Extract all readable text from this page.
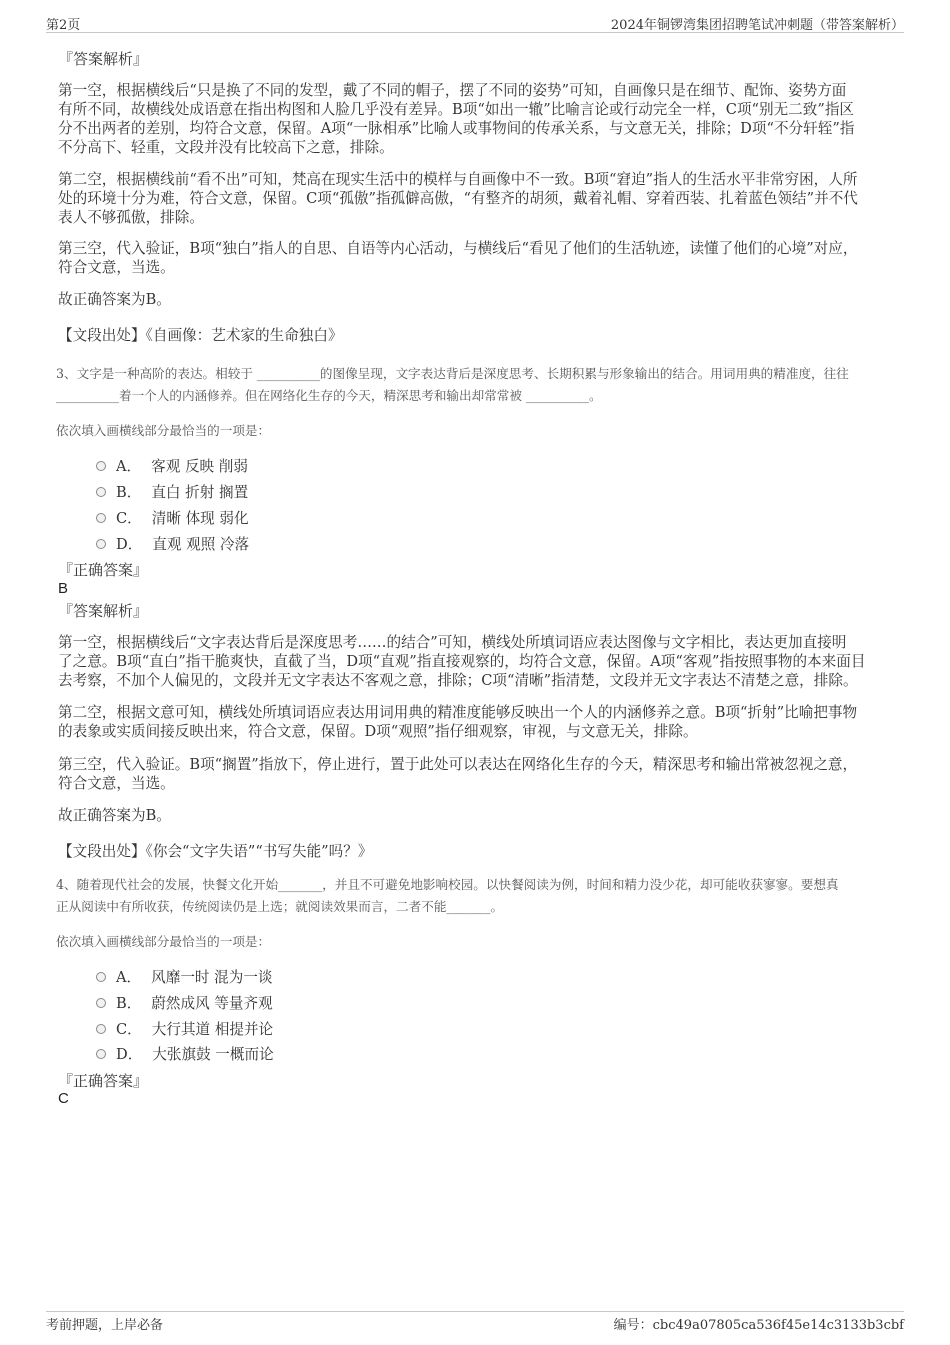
第2页	2024年铜锣湾集团招聘笔试冲刺题（带答案解析）
『答案解析』
第一空，根据横线后“只是换了不同的发型，戴了不同的帽子，摆了不同的姿势”可知，自画像只是在细节、配饰、姿势方面
有所不同，故横线处成语意在指出构图和人脸几乎没有差异。B项“如出一辙”比喻言论或行动完全一样，C项“别无二致”指区
分不出两者的差别，均符合文意，保留。A项“一脉相承”比喻人或事物间的传承关系，与文意无关，排除；D项“不分轩轾”指
不分高下、轻重，文段并没有比较高下之意，排除。
第二空，根据横线前“看不出”可知，梵高在现实生活中的模样与自画像中不一致。B项“窘迫”指人的生活水平非常穷困，人所
处的环境十分为难，符合文意，保留。C项“孤傲”指孤僻高傲，“有整齐的胡须，戴着礼帽、穿着西装、扎着蓝色领结”并不代
表人不够孤傲，排除。
第三空，代入验证，B项“独白”指人的自思、自语等内心活动，与横线后“看见了他们的生活轨迹，读懂了他们的心境”对应，
符合文意，当选。
故正确答案为B。
【文段出处】《自画像：艺术家的生命独白》
3、文字是一种高阶的表达。相较于 __________的图像呈现，文字表达背后是深度思考、长期积累与形象输出的结合。用词用典的精准度，往往
__________着一个人的内涵修养。但在网络化生存的今天，精深思考和输出却常常被 __________。
依次填入画横线部分最恰当的一项是：
A． 客观 反映 削弱
B． 直白 折射 搁置
C． 清晰 体现 弱化
D． 直观 观照 冷落
『正确答案』
B
『答案解析』
第一空，根据横线后“文字表达背后是深度思考……的结合”可知，横线处所填词语应表达图像与文字相比，表达更加直接明
了之意。B项“直白”指干脆爽快，直截了当，D项“直观”指直接观察的，均符合文意，保留。A项“客观”指按照事物的本来面目
去考察，不加个人偏见的，文段并无文字表达不客观之意，排除；C项“清晰”指清楚，文段并无文字表达不清楚之意，排除。
第二空，根据文意可知，横线处所填词语应表达用词用典的精准度能够反映出一个人的内涵修养之意。B项“折射”比喻把事物
的表象或实质间接反映出来，符合文意，保留。D项“观照”指仔细观察，审视，与文意无关，排除。
第三空，代入验证。B项“搁置”指放下，停止进行，置于此处可以表达在网络化生存的今天，精深思考和输出常被忽视之意，
符合文意，当选。
故正确答案为B。
【文段出处】《你会“文字失语”“书写失能”吗？》
4、随着现代社会的发展，快餐文化开始_______，并且不可避免地影响校园。以快餐阅读为例，时间和精力没少花，却可能收获寥寥。要想真
正从阅读中有所收获，传统阅读仍是上选；就阅读效果而言，二者不能_______。
依次填入画横线部分最恰当的一项是：
A． 风靡一时 混为一谈
B． 蔚然成风 等量齐观
C． 大行其道 相提并论
D． 大张旗鼓 一概而论
『正确答案』
C
考前押题，上岸必备	编号：cbc49a07805ca536f45e14c3133b3cbf
